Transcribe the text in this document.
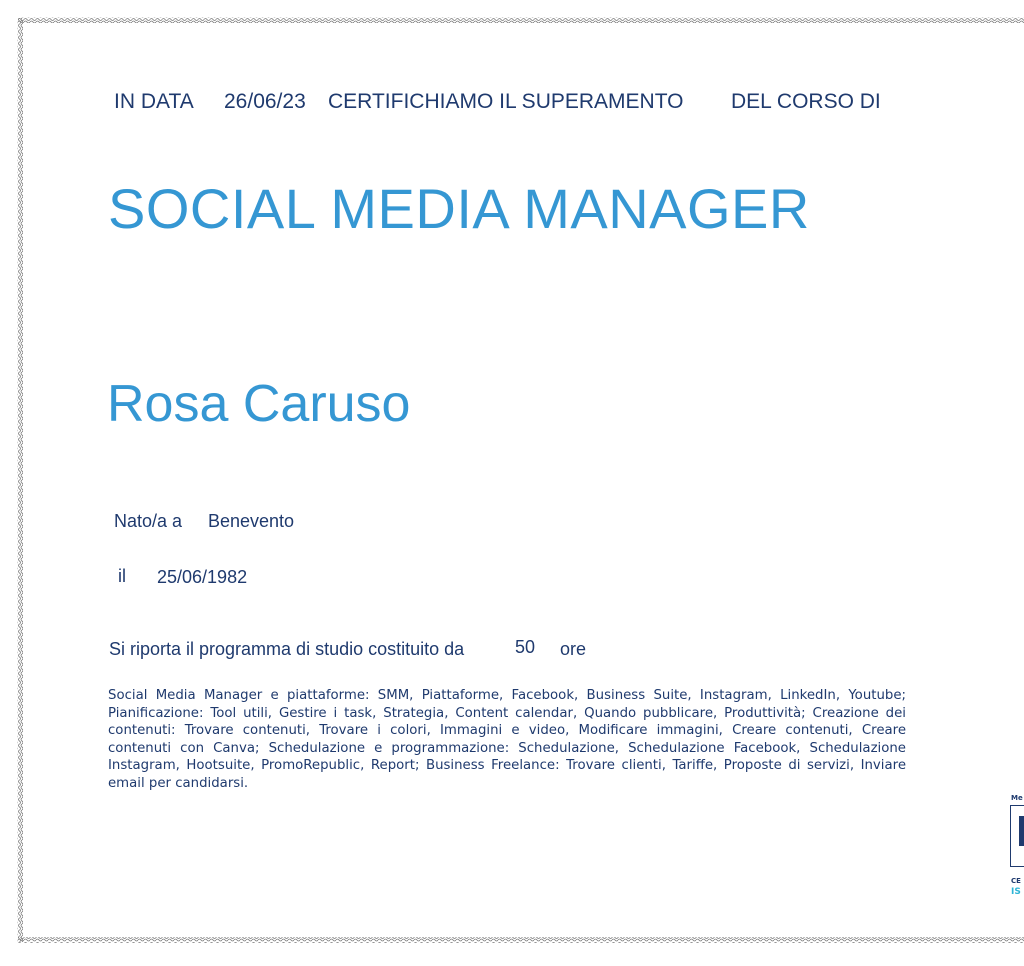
IN DATA 26/06/23 CERTIFICHIAMO IL SUPERAMENTO DEL CORSO DI
SOCIAL MEDIA MANAGER
Rosa Caruso
Nato/a a Benevento
il 25/06/1982
Si riporta il programma di studio costituito da	50 ore
Social Media Manager e piattaforme: SMM, Piattaforme, Facebook, Business Suite, Instagram, LinkedIn, Youtube; Pianificazione: Tool utili, Gestire i task, Strategia, Content calendar, Quando pubblicare, Produttività; Creazione dei contenuti: Trovare contenuti, Trovare i colori, Immagini e video, Modificare immagini, Creare contenuti, Creare contenuti con Canva; Schedulazione e programmazione: Schedulazione, Schedulazione Facebook, Schedulazione Instagram, Hootsuite, PromoRepublic, Report; Business Freelance: Trovare clienti, Tariffe, Proposte di servizi, Inviare email per candidarsi.
Me
CE
IS
